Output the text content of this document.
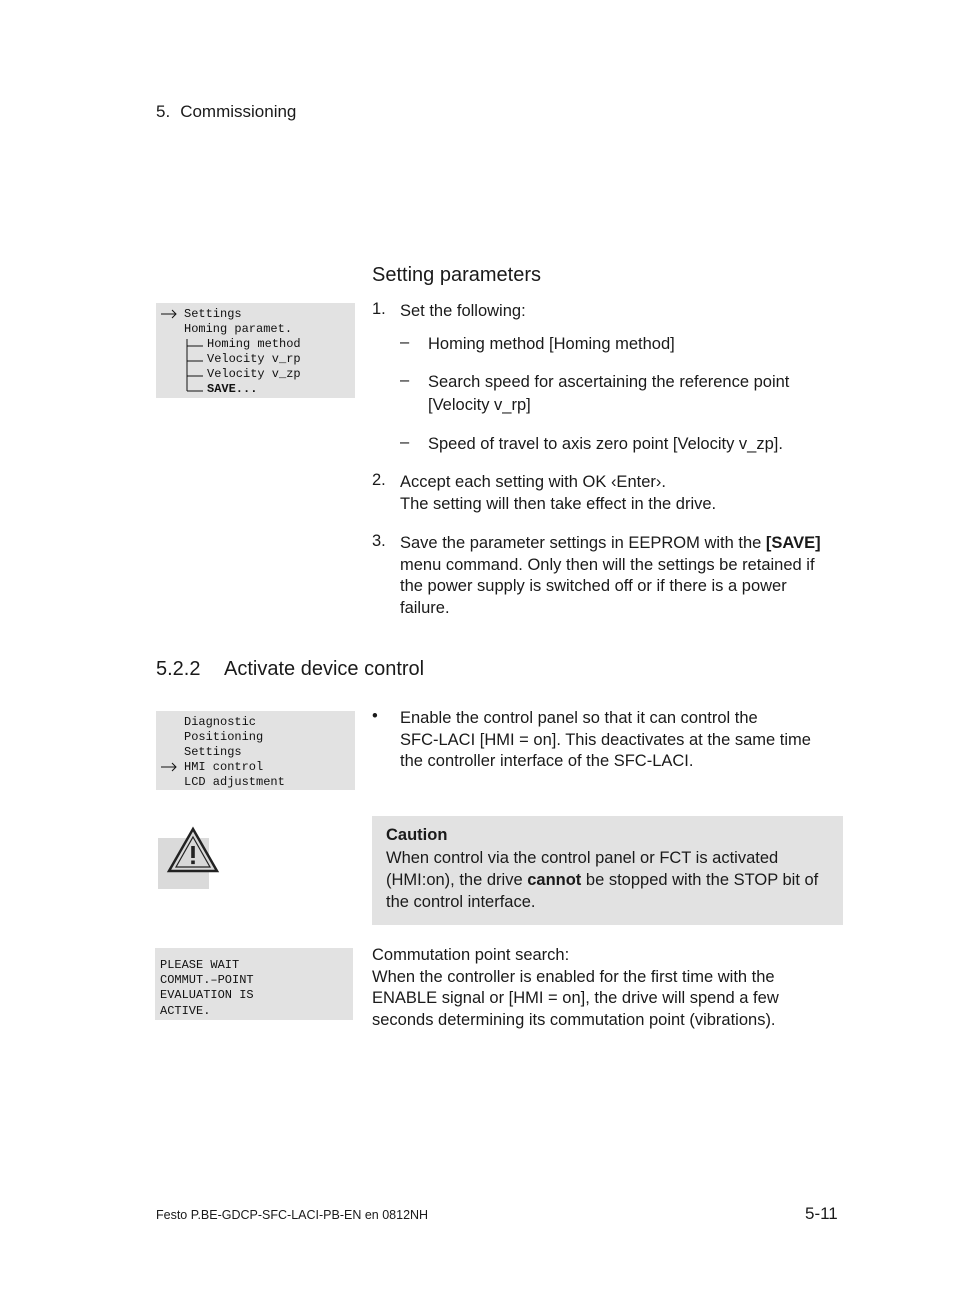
5. Commissioning
Setting parameters
Settings
Homing paramet.
Homing method
Velocity v_rp
Velocity v_zp
SAVE...
1. Set the following:
– Homing method [Homing method]
– Search speed for ascertaining the reference point
[Velocity v_rp]
– Speed of travel to axis zero point [Velocity v_zp].
2. Accept each setting with OK ‹Enter›.
The setting will then take effect in the drive.
3. Save the parameter settings in EEPROM with the [SAVE]
menu command. Only then will the settings be retained if
the power supply is switched off or if there is a power
failure.
5.2.2 Activate device control
Diagnostic
Positioning
Settings
HMI control
LCD adjustment
• Enable the control panel so that it can control the
SFC-LACI [HMI = on]. This deactivates at the same time
the controller interface of the SFC-LACI.
Caution
When control via the control panel or FCT is activated
(HMI:on), the drive cannot be stopped with the STOP bit of
the control interface.
PLEASE WAIT
COMMUT.–POINT
EVALUATION IS
ACTIVE.
Commutation point search:
When the controller is enabled for the first time with the
ENABLE signal or [HMI = on], the drive will spend a few
seconds determining its commutation point (vibrations).
Festo P.BE-GDCP-SFC-LACI-PB-EN en 0812NH	5-11
